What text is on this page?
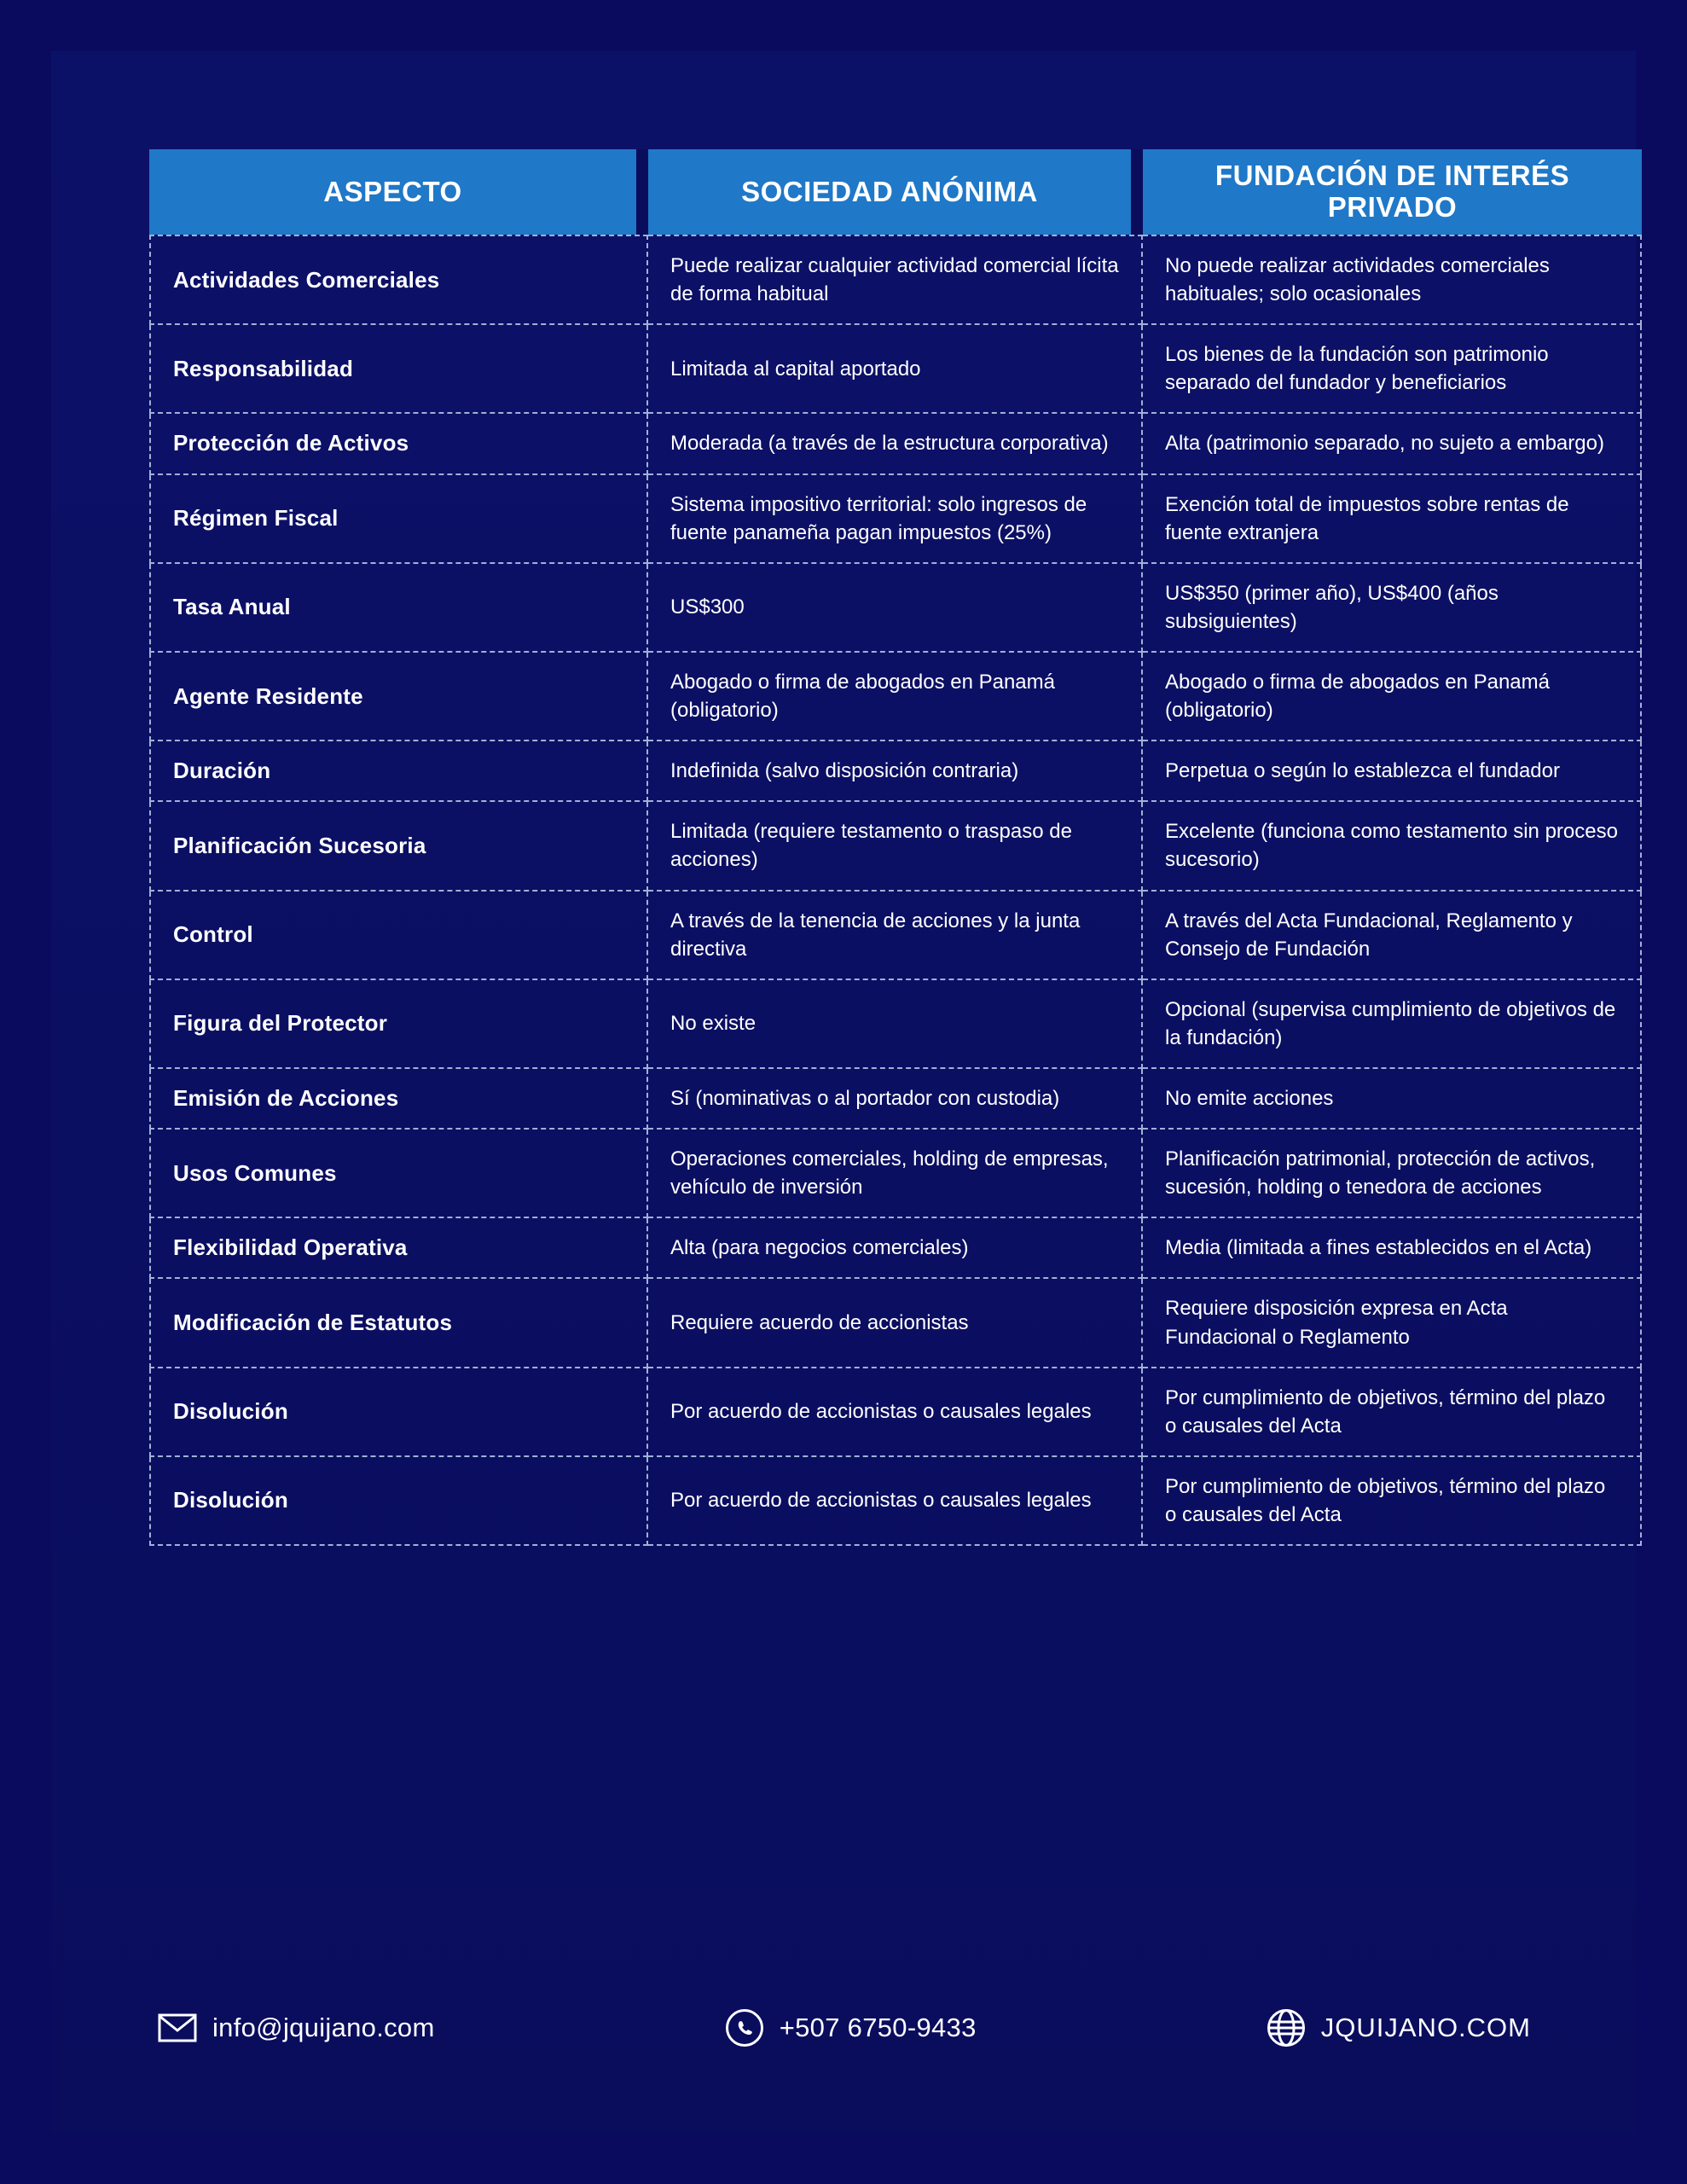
ASPECTO	SOCIEDAD ANÓNIMA	FUNDACIÓN DE INTERÉS PRIVADO
Actividades Comerciales	Puede realizar cualquier actividad comercial lícita de forma habitual	No puede realizar actividades comerciales habituales; solo ocasionales
Responsabilidad	Limitada al capital aportado	Los bienes de la fundación son patrimonio separado del fundador y beneficiarios
Protección de Activos	Moderada (a través de la estructura corporativa)	Alta (patrimonio separado, no sujeto a embargo)
Régimen Fiscal	Sistema impositivo territorial: solo ingresos de fuente panameña pagan impuestos (25%)	Exención total de impuestos sobre rentas de fuente extranjera
Tasa Anual	US$300	US$350 (primer año), US$400 (años subsiguientes)
Agente Residente	Abogado o firma de abogados en Panamá (obligatorio)	Abogado o firma de abogados en Panamá (obligatorio)
Duración	Indefinida (salvo disposición contraria)	Perpetua o según lo establezca el fundador
Planificación Sucesoria	Limitada (requiere testamento o traspaso de acciones)	Excelente (funciona como testamento sin proceso sucesorio)
Control	A través de la tenencia de acciones y la junta directiva	A través del Acta Fundacional, Reglamento y Consejo de Fundación
Figura del Protector	No existe	Opcional (supervisa cumplimiento de objetivos de la fundación)
Emisión de Acciones	Sí (nominativas o al portador con custodia)	No emite acciones
Usos Comunes	Operaciones comerciales, holding de empresas, vehículo de inversión	Planificación patrimonial, protección de activos, sucesión, holding o tenedora de acciones
Flexibilidad Operativa	Alta (para negocios comerciales)	Media (limitada a fines establecidos en el Acta)
Modificación de Estatutos	Requiere acuerdo de accionistas	Requiere disposición expresa en Acta Fundacional o Reglamento
Disolución	Por acuerdo de accionistas o causales legales	Por cumplimiento de objetivos, término del plazo o causales del Acta
Disolución	Por acuerdo de accionistas o causales legales	Por cumplimiento de objetivos, término del plazo o causales del Acta
info@jquijano.com	+507 6750-9433	JQUIJANO.COM
